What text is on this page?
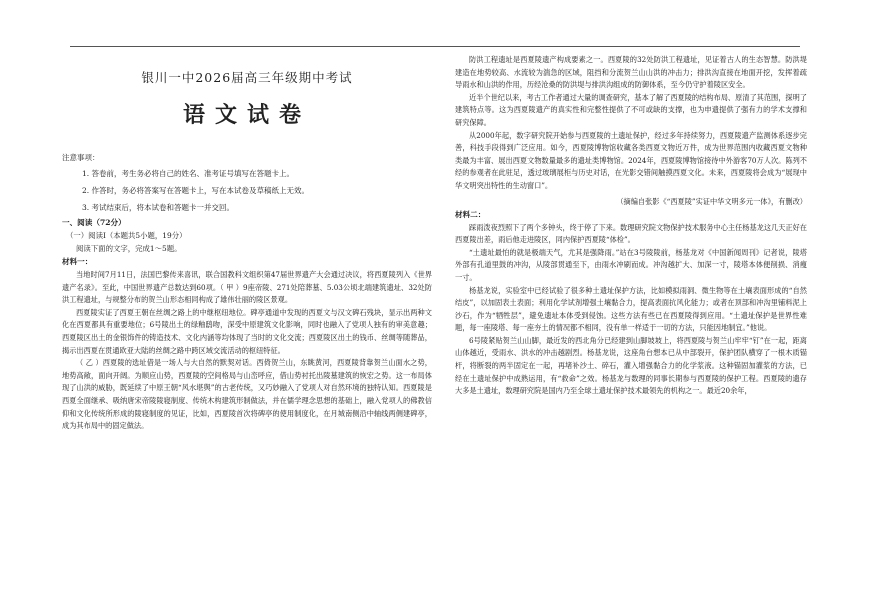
银川一中2026届高三年级期中考试
语文试卷
注意事项：
1. 答卷前，考生务必将自己的姓名、准考证号填写在答题卡上。
2. 作答时，务必将答案写在答题卡上，写在本试卷及草稿纸上无效。
3. 考试结束后，将本试卷和答题卡一并交回。
一、阅读（72分）
（一）阅读Ⅰ（本题共5小题，19分）
阅读下面的文字，完成1～5题。
材料一：

当地时间7月11日，法国巴黎传来喜讯，联合国教科文组织第47届世界遗产大会通过决议，将西夏陵列入《世界遗产名录》。至此，中国世界遗产总数达到60项。（ 甲 ）9座帝陵、271处陪葬墓、5.03公顷北端建筑遗址、32处防洪工程遗址，与规整分布的贺兰山形态相同构成了雄伟壮丽的陵区景观。

西夏陵实证了西夏王朝在丝绸之路上的中继枢纽地位。碑亭通道中发现的西夏文与汉文碑石残块，显示出两种文化在西夏都具有重要地位；6号陵出土的绿釉鸱吻，深受中原建筑文化影响，同时也融入了党项人独有的审美意趣；西夏陵区出土的金银饰件的铸造技术、文化内涵等均体现了当时的文化交流；西夏陵区出土的钱币、丝绸等随葬品，揭示出西夏在贯通欧亚大陆的丝绸之路中跨区域交流活动的枢纽特征。

（ 乙 ）西夏陵的选址借是一场人与大自然的默契对话。西倚贺兰山，东眺黄河，西夏陵背靠贺兰山面水之势，地势高敞，面向开阔。为顺应山势，西夏陵的空间格局与山峦呼应，借山势衬托出陵墓建筑的恢宏之势。这一布局体现了山洪的威胁，既延续了中原王朝“风水堪舆”的古老传统，又巧妙融入了党项人对自然环境的独特认知。西夏陵是西夏全面继承、吸纳唐宋帝陵陵寝制度、传统木构建筑形制做法，并在儒学理念思想的基础上，融入党项人的佛教信仰和文化传统所形成的陵寝制度的见证，比如，西夏陵首次将碑亭的使用制度化，在月城南侧沿中轴线两侧建碑亭，成为其布局中的固定做法。

防洪工程遗址是西夏陵遗产构成要素之一。西夏陵的32处防洪工程遗址，见证着古人的生态智慧。防洪堤建造在地势较高、水流较为湍急的区域，阻挡和分流贺兰山山洪的冲击力；排洪沟直接在地面开挖，发挥着疏导雨水和山洪的作用，历经沧桑的防洪堤与排洪沟组成的防御体系，至今仍守护着陵区安全。

近半个世纪以来，考古工作者通过大量的调查研究，基本了解了西夏陵的结构布局、原清了其范围，探明了建筑特点等。这为西夏陵遗产的真实性和完整性提供了不可或缺的支撑，也为申遗提供了强有力的学术支撑和研究保障。

从2000年起，数字研究院开始参与西夏陵的土遗址保护，经过多年持续努力，西夏陵遗产监测体系逐步完善，科技手段得到广泛应用。如今，西夏陵博物馆收藏各类西夏文物近万件，成为世界范围内收藏西夏文物种类最为丰富、展出西夏文物数量最多的遗址类博物馆。2024年，西夏陵博物馆接待中外游客70万人次。陈列不经的参观者在此驻足，透过玻璃展柜与历史对话，在光影交错间触摸西夏文化。未来，西夏陵将会成为“展现中华文明突出特性的生动窗口”。

（摘编自张影《“西夏陵”实证中华文明多元一体》，有删改）
材料二：

踩雨泼夜烈照下了两个多钟头，终于停了下来。数理研究院文物保护技术服务中心主任杨基龙这几天正好在西夏陵出差，雨后他走进陵区，同内保护西夏陵“体检”。

“土遗址最怕的就是极端天气，尤其是强降雨。”站在3号陵陵前，杨基龙对《中国新闻周刊》记者说，陵塔外部有孔道里鼓的冲沟，从陵部贯通至下，由雨水冲刷而成。冲沟越扩大、加深一寸，陵塔本体便削损、消瘦一寸。

杨基龙说，实验室中已经试验了很多种土遗址保护方法，比如模拟雨洞、微生物等在土壤表面形成的“自然结皮”，以加固表土表面；利用化学试剂增强土壤黏合力，提高表面抗风化能力；或者在顶部和冲沟里铺料泥上沙石，作为“牺牲层”，避免遗址本体受到侵蚀。这些方法有些已在西夏陵得到应用。“土遗址保护是世界性难题，每一座陵塔、每一座夯土的情况都不相同，没有单一样适于一切的方法，只能因地制宜。”他说。

6号陵紧贴贺兰山山脚，最近发的西北角分已经建到山脚坡坡上，将西夏陵与贺兰山牢牢“钉”在一起，距离山体越近，受雨水、洪水的冲击越剧烈。杨基龙说，这座角台想本已从中部裂开，保护团队横穿了一根木质锚杆，将断裂的两半固定在一起，再堵补沙土、碎石，灌入增强黏合力的化学浆液。这种锚固加灌浆的方法，已经在土遗址保护中成熟运用，有“救命”之效。杨基龙与数理的同事长期参与西夏陵的保护工程。西夏陵的遗存大多是土遗址，数理研究院是国内乃至全球土遗址保护技术最领先的机构之一。最近20余年，
